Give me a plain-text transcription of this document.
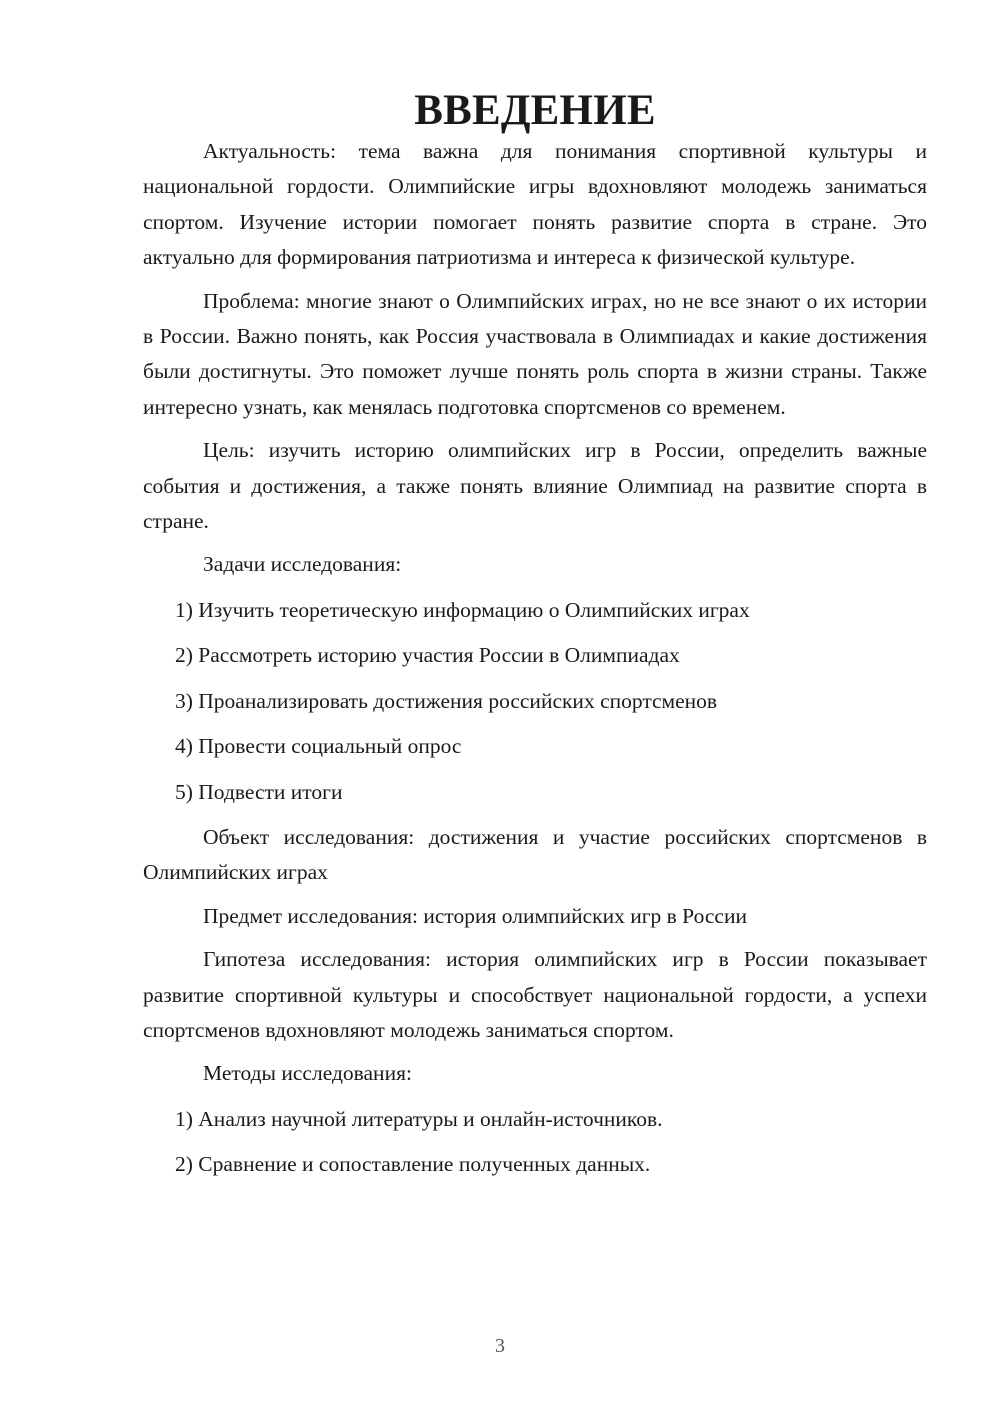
ВВЕДЕНИЕ

Актуальность: тема важна для понимания спортивной культуры и национальной гордости. Олимпийские игры вдохновляют молодежь заниматься спортом. Изучение истории помогает понять развитие спорта в стране. Это актуально для формирования патриотизма и интереса к физической культуре.

Проблема: многие знают о Олимпийских играх, но не все знают о их истории в России. Важно понять, как Россия участвовала в Олимпиадах и какие достижения были достигнуты. Это поможет лучше понять роль спорта в жизни страны. Также интересно узнать, как менялась подготовка спортсменов со временем.

Цель: изучить историю олимпийских игр в России, определить важные события и достижения, а также понять влияние Олимпиад на развитие спорта в стране.

Задачи исследования:

1) Изучить теоретическую информацию о Олимпийских играх

2) Рассмотреть историю участия России в Олимпиадах

3) Проанализировать достижения российских спортсменов

4) Провести социальный опрос

5) Подвести итоги

Объект исследования: достижения и участие российских спортсменов в Олимпийских играх

Предмет исследования: история олимпийских игр в России

Гипотеза исследования: история олимпийских игр в России показывает развитие спортивной культуры и способствует национальной гордости, а успехи спортсменов вдохновляют молодежь заниматься спортом.

Методы исследования:

1) Анализ научной литературы и онлайн-источников.

2) Сравнение и сопоставление полученных данных.

3
